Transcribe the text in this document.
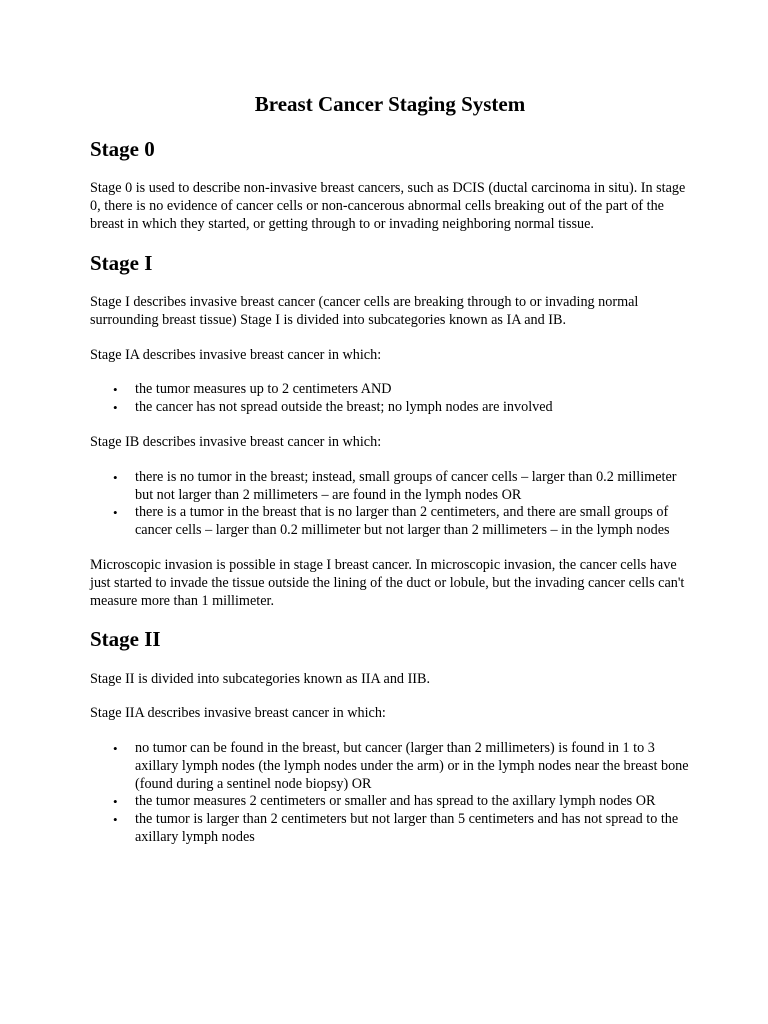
Breast Cancer Staging System
Stage 0

Stage 0 is used to describe non-invasive breast cancers, such as DCIS (ductal carcinoma in situ). In stage 0, there is no evidence of cancer cells or non-cancerous abnormal cells breaking out of the part of the breast in which they started, or getting through to or invading neighboring normal tissue.

Stage I

Stage I describes invasive breast cancer (cancer cells are breaking through to or invading normal surrounding breast tissue) Stage I is divided into subcategories known as IA and IB.

Stage IA describes invasive breast cancer in which:

• the tumor measures up to 2 centimeters AND
• the cancer has not spread outside the breast; no lymph nodes are involved

Stage IB describes invasive breast cancer in which:

• there is no tumor in the breast; instead, small groups of cancer cells – larger than 0.2 millimeter but not larger than 2 millimeters – are found in the lymph nodes OR
• there is a tumor in the breast that is no larger than 2 centimeters, and there are small groups of cancer cells – larger than 0.2 millimeter but not larger than 2 millimeters – in the lymph nodes

Microscopic invasion is possible in stage I breast cancer. In microscopic invasion, the cancer cells have just started to invade the tissue outside the lining of the duct or lobule, but the invading cancer cells can't measure more than 1 millimeter.

Stage II

Stage II is divided into subcategories known as IIA and IIB.

Stage IIA describes invasive breast cancer in which:

• no tumor can be found in the breast, but cancer (larger than 2 millimeters) is found in 1 to 3 axillary lymph nodes (the lymph nodes under the arm) or in the lymph nodes near the breast bone (found during a sentinel node biopsy) OR
• the tumor measures 2 centimeters or smaller and has spread to the axillary lymph nodes OR
• the tumor is larger than 2 centimeters but not larger than 5 centimeters and has not spread to the axillary lymph nodes
